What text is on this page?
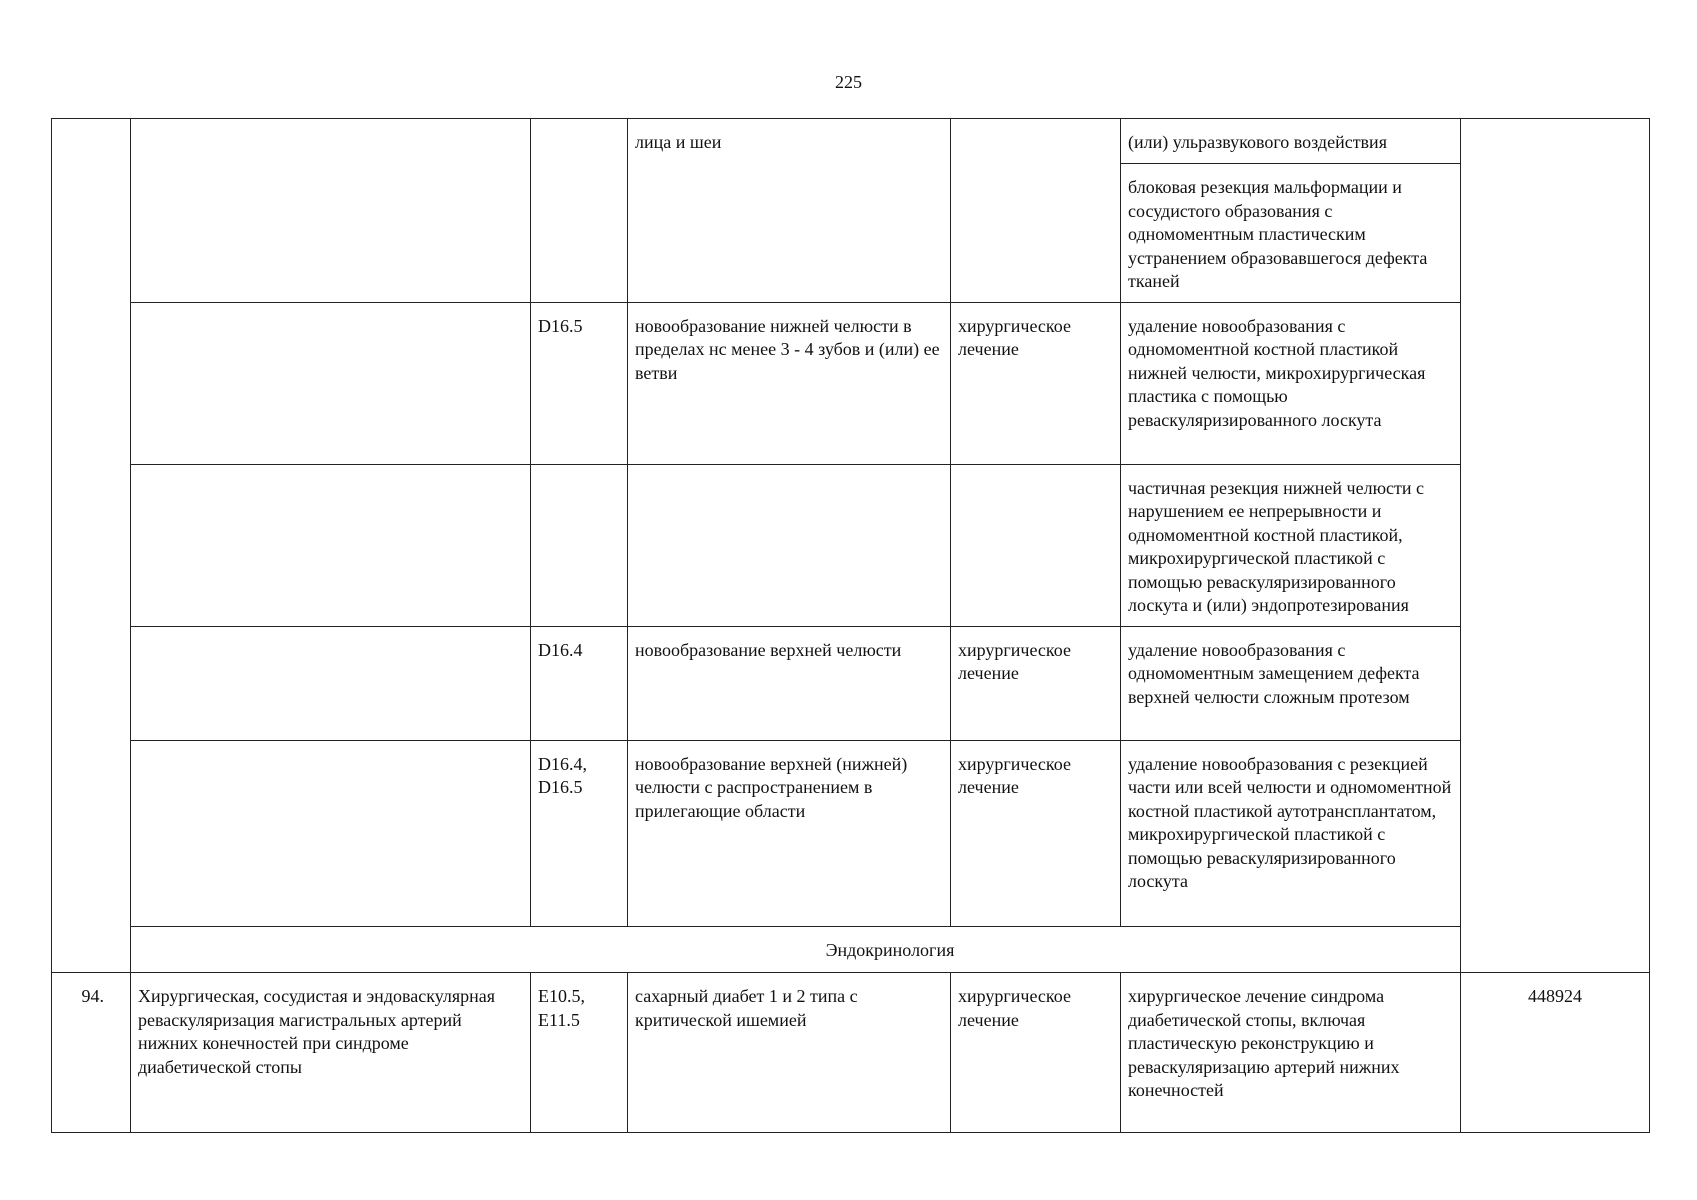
225
			лица и шеи		(или) ульразвукового воздействия	
					блоковая резекция мальформации и сосудистого образования с одномоментным пластическим устранением образовавшегося дефекта тканей	
		D16.5	новообразование нижней челюсти в пределах нс менее 3 - 4 зубов и (или) ее ветви	хирургическое лечение	удаление новообразования с одномоментной костной пластикой нижней челюсти, микрохирургическая пластика с помощью реваскуляризированного лоскута	
					частичная резекция нижней челюсти с нарушением ее непрерывности и одномоментной костной пластикой, микрохирургической пластикой с помощью реваскуляризированного лоскута и (или) эндопротезирования	
		D16.4	новообразование верхней челюсти	хирургическое лечение	удаление новообразования с одномоментным замещением дефекта верхней челюсти сложным протезом	
		D16.4,
D16.5	новообразование верхней (нижней) челюсти с распространением в прилегающие области	хирургическое лечение	удаление новообразования с резекцией части или всей челюсти и одномоментной костной пластикой аутотрансплантатом, микрохирургической пластикой с помощью реваскуляризированного лоскута	
	Эндокринология					
94.	Хирургическая, сосудистая и эндоваскулярная реваскуляризация магистральных артерий нижних конечностей при синдроме диабетической стопы	E10.5,
E11.5	сахарный диабет 1 и 2 типа с критической ишемией	хирургическое лечение	хирургическое лечение синдрома диабетической стопы, включая пластическую реконструкцию и реваскуляризацию артерий нижних конечностей	448924
